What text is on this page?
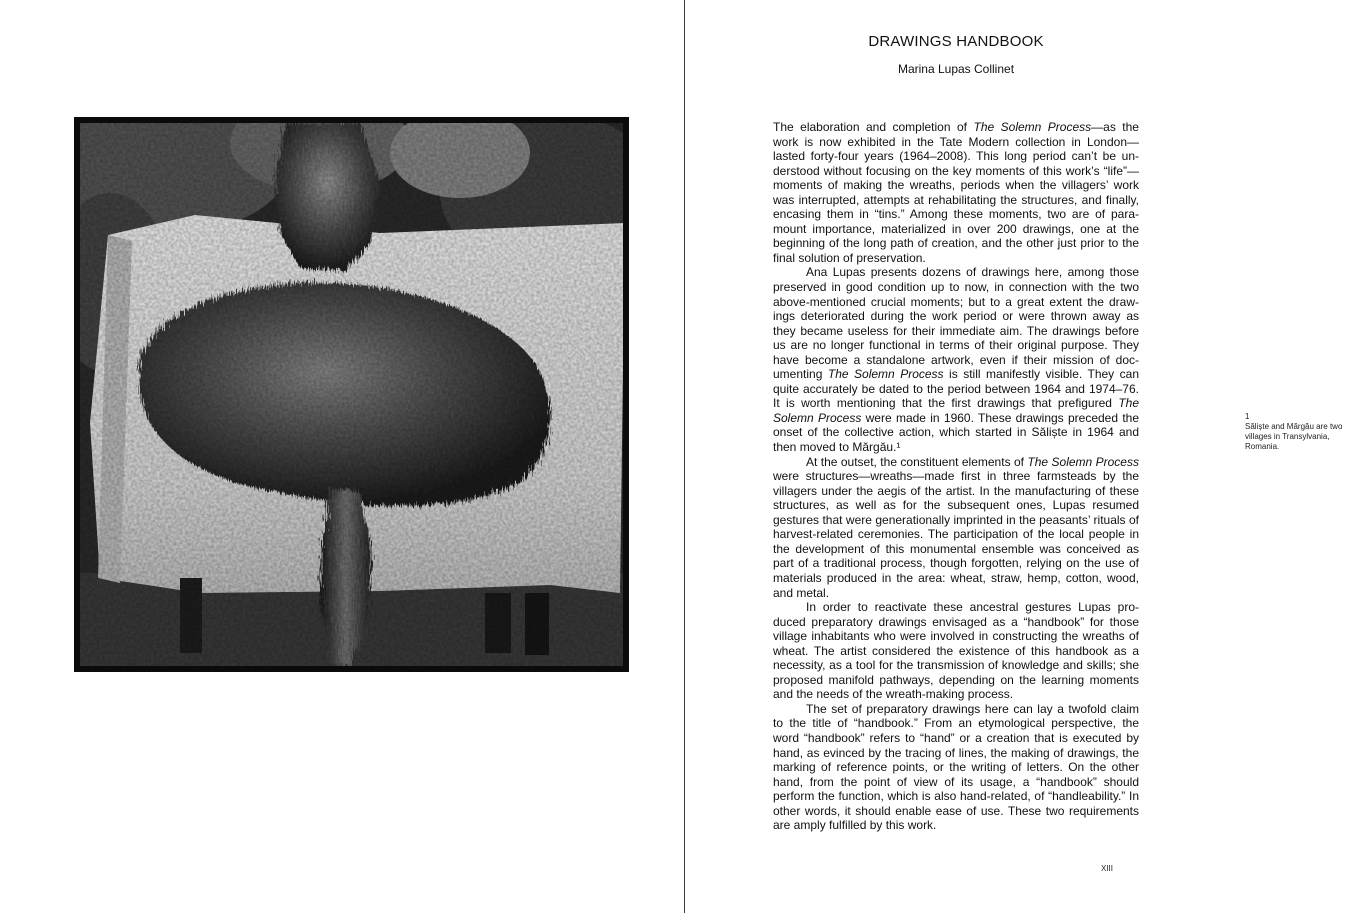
DRAWINGS HANDBOOK
Marina Lupas Collinet

The elaboration and completion of The Solemn Process—as the work is now exhibited in the Tate Modern collection in London—lasted forty-four years (1964–2008). This long period can’t be understood without focusing on the key moments of this work’s “life”—moments of making the wreaths, periods when the villagers’ work was interrupted, attempts at rehabilitating the structures, and finally, encasing them in “tins.” Among these moments, two are of paramount importance, materialized in over 200 drawings, one at the beginning of the long path of creation, and the other just prior to the final solution of preservation.

Ana Lupas presents dozens of drawings here, among those preserved in good condition up to now, in connection with the two above-mentioned crucial moments; but to a great extent the drawings deteriorated during the work period or were thrown away as they became useless for their immediate aim. The drawings before us are no longer functional in terms of their original purpose. They have become a standalone artwork, even if their mission of documenting The Solemn Process is still manifestly visible. They can quite accurately be dated to the period between 1964 and 1974–76. It is worth mentioning that the first drawings that prefigured The Solemn Process were made in 1960. These drawings preceded the onset of the collective action, which started in Săliște in 1964 and then moved to Mărgău.¹

At the outset, the constituent elements of The Solemn Process were structures—wreaths—made first in three farmsteads by the villagers under the aegis of the artist. In the manufacturing of these structures, as well as for the subsequent ones, Lupas resumed gestures that were generationally imprinted in the peasants’ rituals of harvest-related ceremonies. The participation of the local people in the development of this monumental ensemble was conceived as part of a traditional process, though forgotten, relying on the use of materials produced in the area: wheat, straw, hemp, cotton, wood, and metal.

In order to reactivate these ancestral gestures Lupas produced preparatory drawings envisaged as a “handbook” for those village inhabitants who were involved in constructing the wreaths of wheat. The artist considered the existence of this handbook as a necessity, as a tool for the transmission of knowledge and skills; she proposed manifold pathways, depending on the learning moments and the needs of the wreath-making process.

The set of preparatory drawings here can lay a twofold claim to the title of “handbook.” From an etymological perspective, the word “handbook” refers to “hand” or a creation that is executed by hand, as evinced by the tracing of lines, the making of drawings, the marking of reference points, or the writing of letters. On the other hand, from the point of view of its usage, a “handbook” should perform the function, which is also hand-related, of “handleability.” In other words, it should enable ease of use. These two requirements are amply fulfilled by this work.

1
Săliște and Mărgău are two villages in Transylvania, Romania.
XIII
